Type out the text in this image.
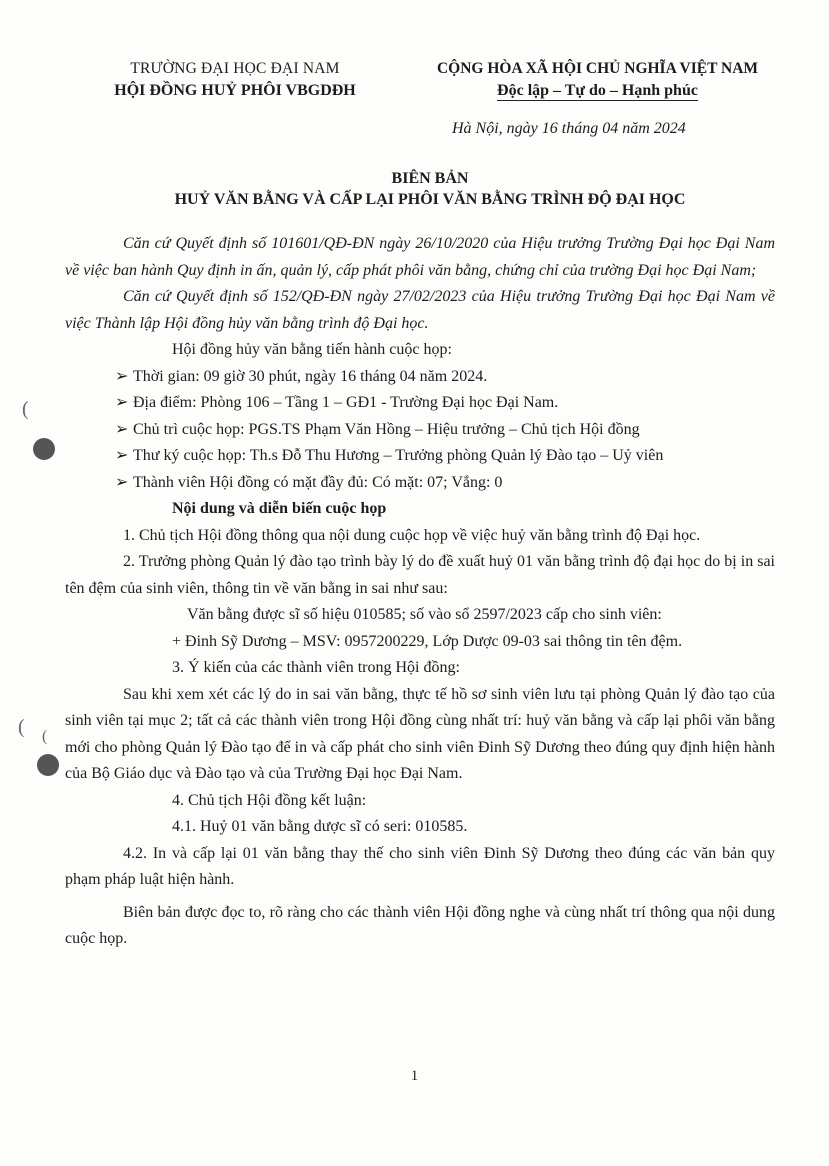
TRƯỜNG ĐẠI HỌC ĐẠI NAM
HỘI ĐỒNG HUỶ PHÔI VBGDĐH
CỘNG HÒA XÃ HỘI CHỦ NGHĨA VIỆT NAM
Độc lập – Tự do – Hạnh phúc
Hà Nội, ngày 16 tháng 04 năm 2024
BIÊN BẢN
HUỶ VĂN BẰNG VÀ CẤP LẠI PHÔI VĂN BẰNG TRÌNH ĐỘ ĐẠI HỌC

Căn cứ Quyết định số 101601/QĐ-ĐN ngày 26/10/2020 của Hiệu trưởng Trường Đại học Đại Nam về việc ban hành Quy định in ấn, quản lý, cấp phát phôi văn bằng, chứng chỉ của trường Đại học Đại Nam;

Căn cứ Quyết định số 152/QĐ-ĐN ngày 27/02/2023 của Hiệu trưởng Trường Đại học Đại Nam về việc Thành lập Hội đồng hủy văn bằng trình độ Đại học.

Hội đồng hủy văn bằng tiến hành cuộc họp:

➢ Thời gian: 09 giờ 30 phút, ngày 16 tháng 04 năm 2024.

➢ Địa điểm: Phòng 106 – Tầng 1 – GĐ1 - Trường Đại học Đại Nam.

➢ Chủ trì cuộc họp: PGS.TS Phạm Văn Hồng – Hiệu trưởng – Chủ tịch Hội đồng

➢ Thư ký cuộc họp: Th.s Đỗ Thu Hương – Trưởng phòng Quản lý Đào tạo – Uỷ viên

➢ Thành viên Hội đồng có mặt đầy đủ: Có mặt: 07; Vắng: 0

Nội dung và diễn biến cuộc họp

1. Chủ tịch Hội đồng thông qua nội dung cuộc họp về việc huỷ văn bằng trình độ Đại học.

2. Trưởng phòng Quản lý đào tạo trình bày lý do đề xuất huỷ 01 văn bằng trình độ đại học do bị in sai tên đệm của sinh viên, thông tin về văn bằng in sai như sau:

Văn bằng được sĩ số hiệu 010585; số vào sổ 2597/2023 cấp cho sinh viên:

+ Đinh Sỹ Dương – MSV: 0957200229, Lớp Dược 09-03 sai thông tin tên đệm.

3. Ý kiến của các thành viên trong Hội đồng:

Sau khi xem xét các lý do in sai văn bằng, thực tế hồ sơ sinh viên lưu tại phòng Quản lý đào tạo của sinh viên tại mục 2; tất cả các thành viên trong Hội đồng cùng nhất trí: huỷ văn bằng và cấp lại phôi văn bằng mới cho phòng Quản lý Đào tạo để in và cấp phát cho sinh viên Đinh Sỹ Dương theo đúng quy định hiện hành của Bộ Giáo dục và Đào tạo và của Trường Đại học Đại Nam.

4. Chủ tịch Hội đồng kết luận:

4.1. Huỷ 01 văn bằng dược sĩ có seri: 010585.

4.2. In và cấp lại 01 văn bằng thay thế cho sinh viên Đinh Sỹ Dương theo đúng các văn bản quy phạm pháp luật hiện hành.

Biên bản được đọc to, rõ ràng cho các thành viên Hội đồng nghe và cùng nhất trí thông qua nội dung cuộc họp.

1
(
( (
